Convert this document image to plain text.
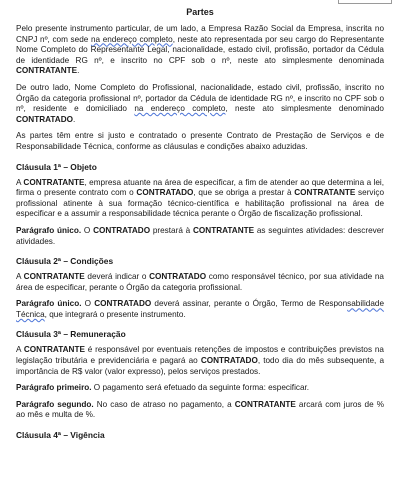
Partes

Pelo presente instrumento particular, de um lado, a Empresa Razão Social da Empresa, inscrita no CNPJ nº, com sede na endereço completo, neste ato representada por seu cargo do Representante Nome Completo do Representante Legal, nacionalidade, estado civil, profissão, portador da Cédula de identidade RG nº, e inscrito no CPF sob o nº, neste ato simplesmente denominada CONTRATANTE.

De outro lado, Nome Completo do Profissional, nacionalidade, estado civil, profissão, inscrito no Órgão da categoria profissional nº, portador da Cédula de identidade RG nº, e inscrito no CPF sob o nº, residente e domiciliado na endereço completo, neste ato simplesmente denominado CONTRATADO.

As partes têm entre si justo e contratado o presente Contrato de Prestação de Serviços e de Responsabilidade Técnica, conforme as cláusulas e condições abaixo aduzidas.

Cláusula 1ª – Objeto

A CONTRATANTE, empresa atuante na área de especificar, a fim de atender ao que determina a lei, firma o presente contrato com o CONTRATADO, que se obriga a prestar à CONTRATANTE serviço profissional atinente à sua formação técnico-científica e habilitação profissional na área de especificar e a assumir a responsabilidade técnica perante o Órgão de fiscalização profissional.

Parágrafo único. O CONTRATADO prestará à CONTRATANTE as seguintes atividades: descrever atividades.

Cláusula 2ª – Condições

A CONTRATANTE deverá indicar o CONTRATADO como responsável técnico, por sua atividade na área de especificar, perante o Órgão da categoria profissional.

Parágrafo único. O CONTRATADO deverá assinar, perante o Órgão, Termo de Responsabilidade Técnica, que integrará o presente instrumento.

Cláusula 3ª – Remuneração

A CONTRATANTE é responsável por eventuais retenções de impostos e contribuições previstos na legislação tributária e previdenciária e pagará ao CONTRATADO, todo dia do mês subsequente, a importância de R$ valor (valor expresso), pelos serviços prestados.

Parágrafo primeiro. O pagamento será efetuado da seguinte forma: especificar.

Parágrafo segundo. No caso de atraso no pagamento, a CONTRATANTE arcará com juros de % ao mês e multa de %.

Cláusula 4ª – Vigência
